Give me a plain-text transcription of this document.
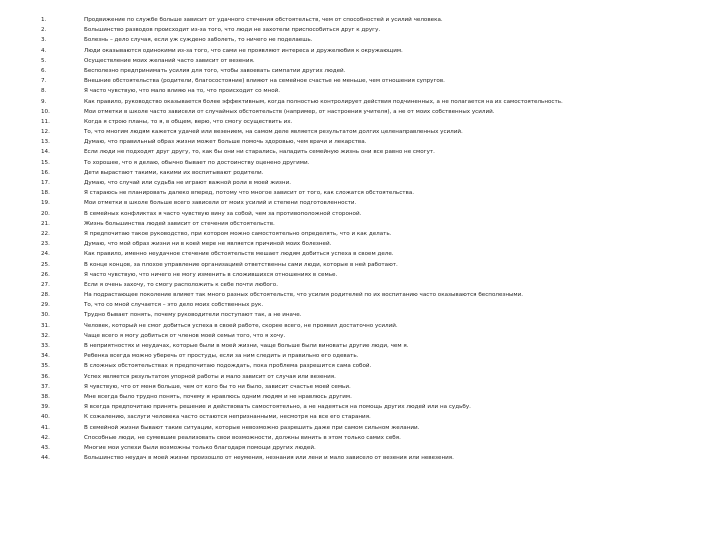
1.	Продвижение по службе больше зависит от удачного стечения обстоятельств, чем от способностей и усилий человека.
2.	Большинство разводов происходит из-за того, что люди не захотели приспособиться друг к другу.
3.	Болезнь – дело случая, если уж суждено заболеть, то ничего не поделаешь.
4.	Люди оказываются одинокими из-за того, что сами не проявляют интереса и дружелюбия к окружающим.
5.	Осуществление моих желаний часто зависит от везения.
6.	Бесполезно предпринимать усилия для того, чтобы завоевать симпатии других людей.
7.	Внешние обстоятельства (родители, благосостояние) влияют на семейное счастье не меньше, чем отношения супругов.
8.	Я часто чувствую, что мало влияю на то, что происходит со мной.
9.	Как правило, руководство оказывается более эффективным, когда полностью контролирует действия подчиненных, а не полагается на их самостоятельность.
10.	Мои отметки в школе часто зависели от случайных обстоятельств (например, от настроения учителя), а не от моих собственных усилий.
11.	Когда я строю планы, то я, в общем, верю, что смогу осуществить их.
12.	То, что многим людям кажется удачей или везением, на самом деле является результатом долгих целенаправленных усилий.
13.	Думаю, что правильный образ жизни может больше помочь здоровью, чем врачи и лекарства.
14.	Если люди не подходят друг другу, то, как бы они ни старались, наладить семейную жизнь они все равно не смогут.
15.	То хорошее, что я делаю, обычно бывает по достоинству оценено другими.
16.	Дети вырастают такими, какими их воспитывают родители.
17.	Думаю, что случай или судьба не играют важной роли в моей жизни.
18.	Я стараюсь не планировать далеко вперед, потому что многое зависит от того, как сложатся обстоятельства.
19.	Мои отметки в школе больше всего зависели от моих усилий и степени подготовленности.
20.	В семейных конфликтах я часто чувствую вину за собой, чем за противоположной стороной.
21.	Жизнь большинства людей зависит от стечения обстоятельств.
22.	Я предпочитаю такое руководство, при котором можно самостоятельно определять, что и как делать.
23.	Думаю, что мой образ жизни ни в коей мере не является причиной моих болезней.
24.	Как правило, именно неудачное стечение обстоятельств мешает людям добиться успеха в своем деле.
25.	В конце концов, за плохое управление организацией ответственны сами люди, которые в ней работают.
26.	Я часто чувствую, что ничего не могу изменить в сложившихся отношениях в семье.
27.	Если я очень захочу, то смогу расположить к себе почти любого.
28.	На подрастающее поколение влияет так много разных обстоятельств, что усилия родителей по их воспитанию часто оказываются бесполезными.
29.	То, что со мной случается – это дело моих собственных рук.
30.	Трудно бывает понять, почему руководители поступают так, а не иначе.
31.	Человек, который не смог добиться успеха в своей работе, скорее всего, не проявил достаточно усилий.
32.	Чаще всего я могу добиться от членов моей семьи того, что я хочу.
33.	В неприятностях и неудачах, которые были в моей жизни, чаще больше были виноваты другие люди, чем я.
34.	Ребенка всегда можно уберечь от простуды, если за ним следить и правильно его одевать.
35.	В сложных обстоятельствах я предпочитаю подождать, пока проблема разрешится сама собой.
36.	Успех является результатом упорной работы и мало зависит от случая или везения.
37.	Я чувствую, что от меня больше, чем от кого бы то ни было, зависит счастье моей семьи.
38.	Мне всегда было трудно понять, почему я нравлюсь одним людям и не нравлюсь другим.
39.	Я всегда предпочитаю принять решение и действовать самостоятельно, а не надеяться на помощь других людей или на судьбу.
40.	К сожалению, заслуги человека часто остаются непризнанными, несмотря на все его старания.
41.	В семейной жизни бывают такие ситуации, которые невозможно разрешить даже при самом сильном желании.
42.	Способные люди, не сумевшие реализовать свои возможности, должны винить в этом только самих себя.
43.	Многие мои успехи были возможны только благодаря помощи других людей.
44.	Большинство неудач в моей жизни произошло от неумения, незнания или лени и мало зависело от везения или невезения.
